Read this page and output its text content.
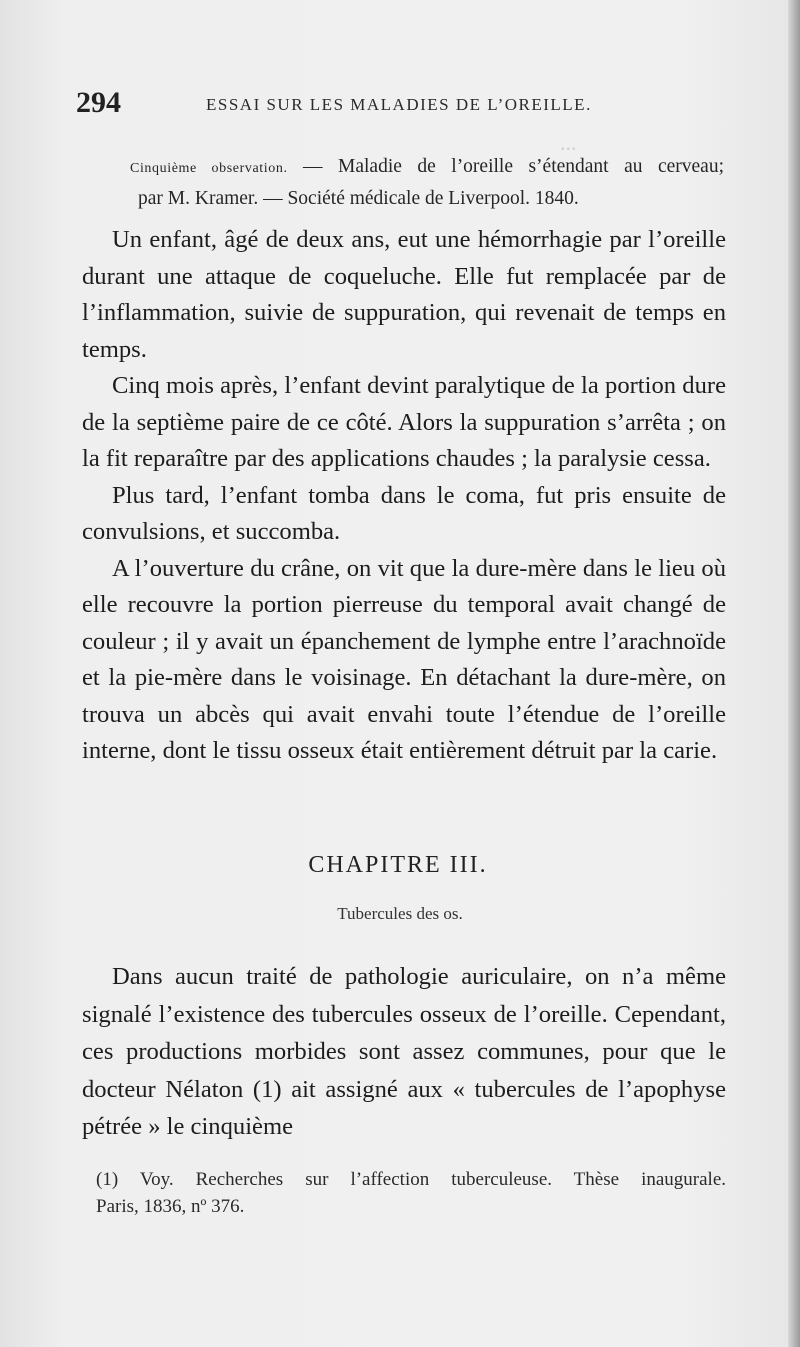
...
294	ESSAI SUR LES MALADIES DE L’OREILLE.

Cinquième observation. — Maladie de l’oreille s’étendant au cerveau;

par M. Kramer. — Société médicale de Liverpool. 1840.

Un enfant, âgé de deux ans, eut une hémorrhagie par l’oreille durant une attaque de coqueluche. Elle fut remplacée par de l’inflammation, suivie de suppuration, qui revenait de temps en temps.

Cinq mois après, l’enfant devint paralytique de la portion dure de la septième paire de ce côté. Alors la suppuration s’arrêta ; on la fit reparaître par des applications chaudes ; la paralysie cessa.

Plus tard, l’enfant tomba dans le coma, fut pris ensuite de convulsions, et succomba.

A l’ouverture du crâne, on vit que la dure-mère dans le lieu où elle recouvre la portion pierreuse du temporal avait changé de couleur ; il y avait un épanchement de lymphe entre l’arachnoïde et la pie-mère dans le voisinage. En détachant la dure-mère, on trouva un abcès qui avait envahi toute l’étendue de l’oreille interne, dont le tissu osseux était entièrement détruit par la carie.

CHAPITRE III.
Tubercules des os.

Dans aucun traité de pathologie auriculaire, on n’a même signalé l’existence des tubercules osseux de l’oreille. Cependant, ces productions morbides sont assez communes, pour que le docteur Nélaton (1) ait assigné aux « tubercules de l’apophyse pétrée » le cinquième

(1) Voy. Recherches sur l’affection tuberculeuse. Thèse inaugurale.

Paris, 1836, nº 376.
